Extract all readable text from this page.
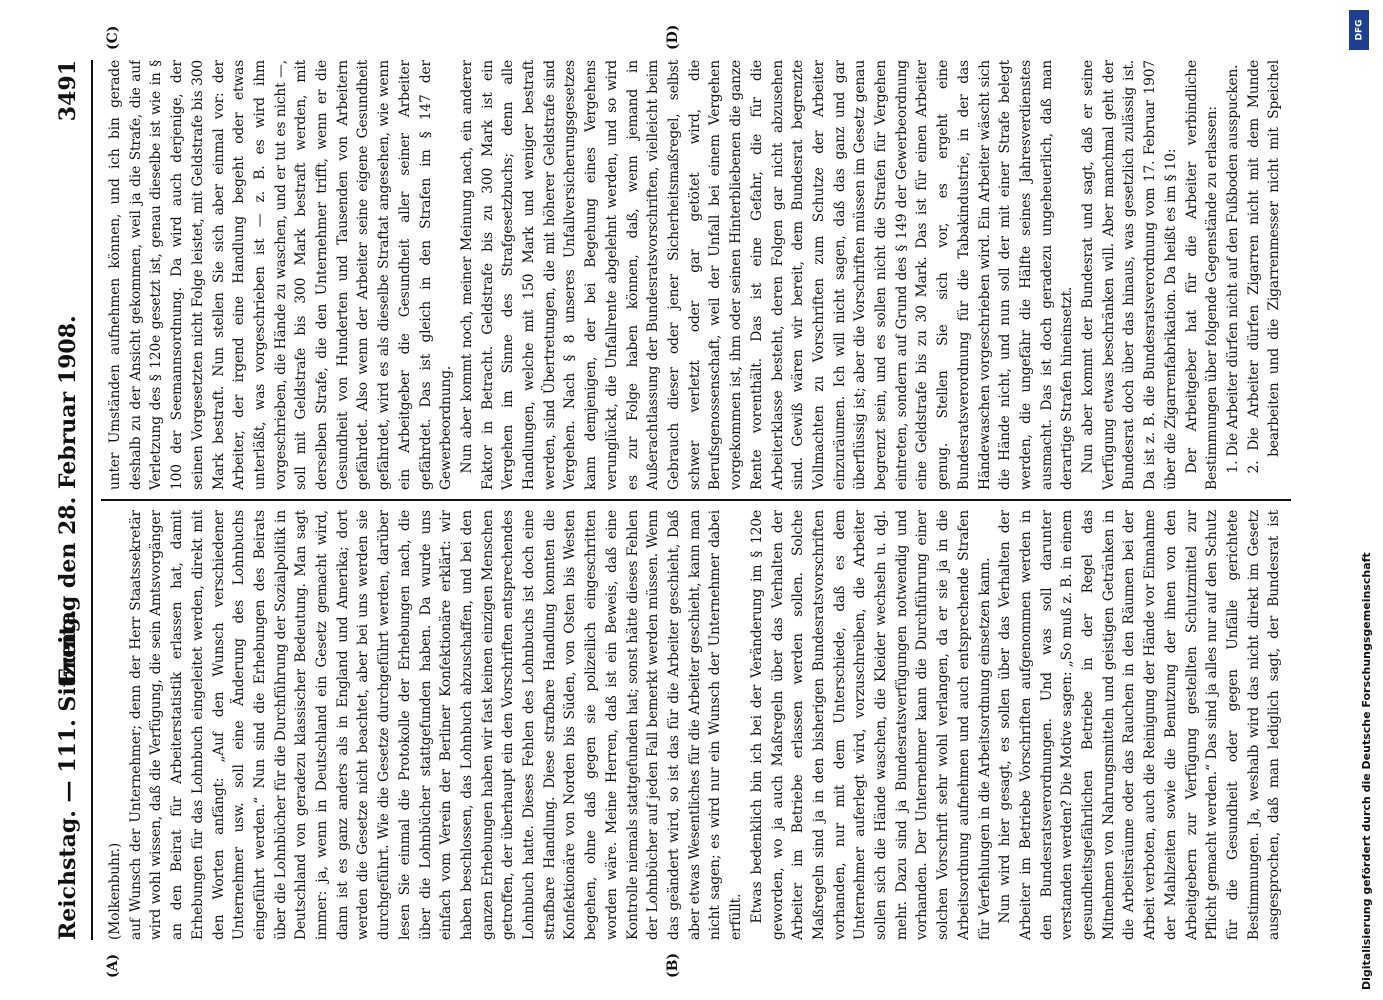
Reichstag. — 111. Sitzung.
Freitag den 28. Februar 1908.
3491
(A)	(B)
(C)	(D)

(Molkenbuhr.) auf Wunsch der Unternehmer; denn der Herr Staatssekretär wird wohl wissen, daß die Verfügung, die sein Amtsvorgänger an den Beirat für Arbeiterstatistik erlassen hat, damit Erhebungen für das Lohnbuch eingeleitet werden, direkt mit den Worten anfängt: „Auf den Wunsch verschiedener Unternehmer usw. soll eine Änderung des Lohnbuchs eingeführt werden.“ Nun sind die Erhebungen des Beirats über die Lohnbücher für die Durchführung der Sozialpolitik in Deutschland von geradezu klassischer Bedeutung. Man sagt immer: ja, wenn in Deutschland ein Gesetz gemacht wird, dann ist es ganz anders als in England und Amerika; dort werden die Gesetze nicht beachtet, aber bei uns werden sie durchgeführt. Wie die Gesetze durchgeführt werden, darüber lesen Sie einmal die Protokolle der Erhebungen nach, die über die Lohnbücher stattgefunden haben. Da wurde uns einfach vom Verein der Berliner Konfektionäre erklärt: wir haben beschlossen, das Lohnbuch abzuschaffen, und bei den ganzen Erhebungen haben wir fast keinen einzigen Menschen getroffen, der überhaupt ein den Vorschriften entsprechendes Lohnbuch hatte. Dieses Fehlen des Lohnbuchs ist doch eine strafbare Handlung. Diese strafbare Handlung konnten die Konfektionäre von Norden bis Süden, von Osten bis Westen begehen, ohne daß gegen sie polizeilich eingeschritten worden wäre. Meine Herren, daß ist ein Beweis, daß eine Kontrolle niemals stattgefunden hat; sonst hätte dieses Fehlen der Lohnbücher auf jeden Fall bemerkt werden müssen. Wenn das geändert wird, so ist das für die Arbeiter geschieht, Daß aber etwas Wesentliches für die Arbeiter geschieht, kann man nicht sagen; es wird nur ein Wunsch der Unternehmer dabei erfüllt. Etwas bedenklich bin ich bei der Veränderung im § 120e geworden, wo ja auch Maßregeln über das Verhalten der Arbeiter im Betriebe erlassen werden sollen. Solche Maßregeln sind ja in den bisherigen Bundesratsvorschriften vorhanden, nur mit dem Unterschiede, daß es dem Unternehmer auferlegt wird, vorzuschreiben, die Arbeiter sollen sich die Hände waschen, die Kleider wechseln u. dgl. mehr. Dazu sind ja Bundesratsverfügungen notwendig und vorhanden. Der Unternehmer kann die Durchführung einer solchen Vorschrift sehr wohl verlangen, da er sie ja in die Arbeitsordnung aufnehmen und auch entsprechende Strafen für Verfehlungen in die Arbeitsordnung einsetzen kann. Nun wird hier gesagt, es sollen über das Verhalten der Arbeiter im Betriebe Vorschriften aufgenommen werden in den Bundesratsverordnungen. Und was soll darunter verstanden werden? Die Motive sagen: „So muß z. B. in einem gesundheitsgefährlichen Betriebe in der Regel das Mitnehmen von Nahrungsmitteln und geistigen Getränken in die Arbeitsräume oder das Rauchen in den Räumen bei der Arbeit verboten, auch die Reinigung der Hände vor Einnahme der Mahlzeiten sowie die Benutzung der ihnen von den Arbeitgebern zur Verfügung gestellten Schutzmittel zur Pflicht gemacht werden.“ Das sind ja alles nur auf den Schutz für die Gesundheit oder gegen Unfälle gerichtete Bestimmungen. Ja, weshalb wird das nicht direkt im Gesetz ausgesprochen, daß man lediglich sagt, der Bundesrat ist

unter Umständen aufnehmen können, und ich bin gerade deshalb zu der Ansicht gekommen, weil ja die Strafe, die auf Verletzung des § 120e gesetzt ist, genau dieselbe ist wie in § 100 der Seemannsordnung. Da wird auch derjenige, der seinen Vorgesetzten nicht Folge leistet, mit Geldstrafe bis 300 Mark bestraft. Nun stellen Sie sich aber einmal vor: der Arbeiter, der irgend eine Handlung begeht oder etwas unterläßt, was vorgeschrieben ist — z. B. es wird ihm vorgeschrieben, die Hände zu waschen, und er tut es nicht —, soll mit Geldstrafe bis 300 Mark bestraft werden, mit derselben Strafe, die den Unternehmer trifft, wenn er die Gesundheit von Hunderten und Tausenden von Arbeitern gefährdet. Also wenn der Arbeiter seine eigene Gesundheit gefährdet, wird es als dieselbe Straftat angesehen, wie wenn ein Arbeitgeber die Gesundheit aller seiner Arbeiter gefährdet. Das ist gleich in den Strafen im § 147 der Gewerbeordnung. Nun aber kommt noch, meiner Meinung nach, ein anderer Faktor in Betracht. Geldstrafe bis zu 300 Mark ist ein Vergehen im Sinne des Strafgesetzbuchs; denn alle Handlungen, welche mit 150 Mark und weniger bestraft werden, sind Übertretungen, die mit höherer Geldstrafe sind Vergehen. Nach § 8 unseres Unfallversicherungsgesetzes kann demjenigen, der bei Begehung eines Vergehens verunglückt, die Unfallrente abgelehnt werden, und so wird es zur Folge haben können, daß, wenn jemand in Außerachtlassung der Bundesratsvorschriften, vielleicht beim Gebrauch dieser oder jener Sicherheitsmaßregel, selbst schwer verletzt oder gar getötet wird, die Berufsgenossenschaft, weil der Unfall bei einem Vergehen vorgekommen ist, ihm oder seinen Hinterbliebenen die ganze Rente vorenthält. Das ist eine Gefahr, die für die Arbeiterklasse besteht, deren Folgen gar nicht abzusehen sind. Gewiß wären wir bereit, dem Bundesrat begrenzte Vollmachten zu Vorschriften zum Schutze der Arbeiter einzuräumen. Ich will nicht sagen, daß das ganz und gar überflüssig ist; aber die Vorschriften müssen im Gesetz genau begrenzt sein, und es sollen nicht die Strafen für Vergehen eintreten, sondern auf Grund des § 149 der Gewerbeordnung eine Geldstrafe bis zu 30 Mark. Das ist für einen Arbeiter genug. Stellen Sie sich vor, es ergeht eine Bundesratsverordnung für die Tabakindustrie, in der das Händewaschen vorgeschrieben wird. Ein Arbeiter wäscht sich die Hände nicht, und nun soll der mit einer Strafe belegt werden, die ungefähr die Hälfte seines Jahresverdienstes ausmacht. Das ist doch geradezu ungeheuerlich, daß man derartige Strafen hineinsetzt. Nun aber kommt der Bundesrat und sagt, daß er seine Verfügung etwas beschränken will. Aber manchmal geht der Bundesrat doch über das hinaus, was gesetzlich zulässig ist. Da ist z. B. die Bundesratsverordnung vom 17. Februar 1907 über die Zigarrenfabrikation. Da heißt es im § 10: Der Arbeitgeber hat für die Arbeiter verbindliche Bestimmungen über folgende Gegenstände zu erlassen: 1. Die Arbeiter dürfen nicht auf den Fußboden ausspucken. 2. Die Arbeiter dürfen Zigarren nicht mit dem Munde bearbeiten und die Zigarrenmesser nicht mit Speichel

DFG
Digitalisierung gefördert durch die Deutsche Forschungsgemeinschaft
